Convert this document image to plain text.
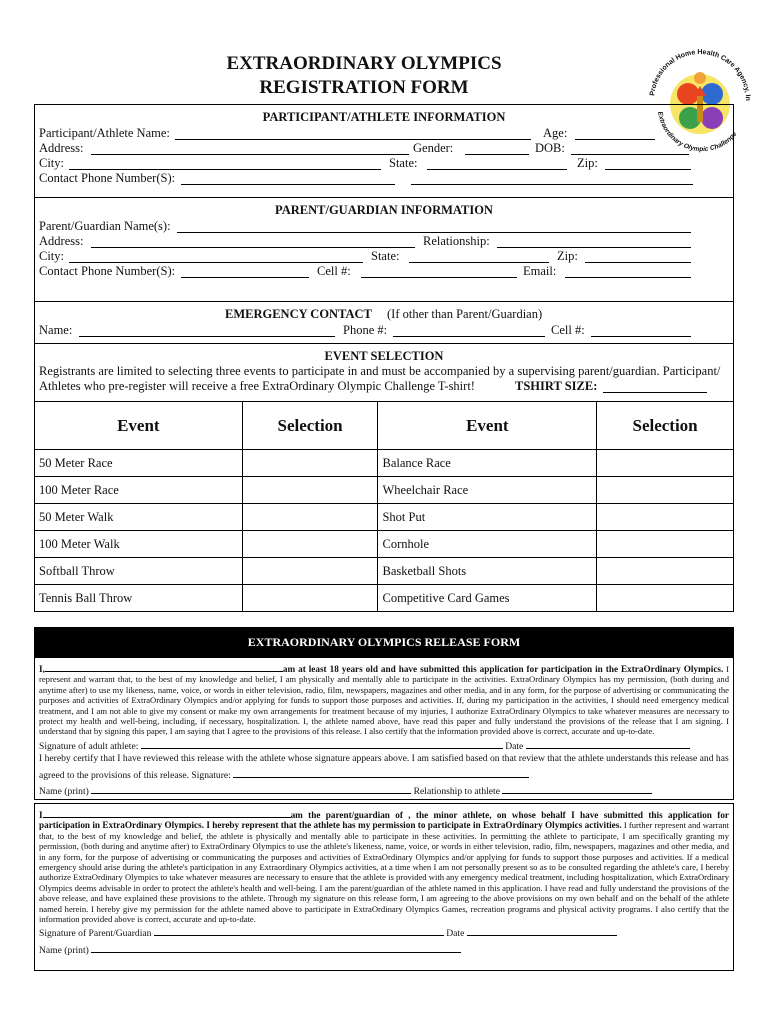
EXTRAORDINARY OLYMPICS
REGISTRATION FORM	Professional Home Health Care Agency, In
Extraordinary Olympic Challenge
PARTICIPANT/ATHLETE INFORMATION
Participant/Athlete Name:	Age:
Address:	Gender:	DOB:
City:	State:	Zip:
Contact Phone Number(S):
PARENT/GUARDIAN INFORMATION
Parent/Guardian Name(s):
Address:	Relationship:
City:	State:	Zip:
Contact Phone Number(S):	Cell #:	Email:
EMERGENCY CONTACT (If other than Parent/Guardian)
Name:	Phone #:	Cell #:
EVENT SELECTION
Registrants are limited to selecting three events to participate in and must be accompanied by a supervising parent/guardian. Participant/
Athletes who pre-register will receive a free ExtraOrdinary Olympic Challenge T-shirt!	TSHIRT SIZE:
Event	Selection	Event	Selection
50 Meter Race		Balance Race	
100 Meter Race		Wheelchair Race	
50 Meter Walk		Shot Put	
100 Meter Walk		Cornhole	
Softball Throw		Basketball Shots	
Tennis Ball Throw		Competitive Card Games	
EXTRAORDINARY OLYMPICS RELEASE FORM
I,	am at least 18 years old and have submitted this application for participation in the ExtraOrdinary Olympics. I represent and warrant that, to the best of my knowledge and belief, I am physically and mentally able to participate in the activities. ExtraOrdinary Olympics has my permission, (both during and anytime after) to use my likeness, name, voice, or words in either television, radio, film, newspapers, magazines and other media, and in any form, for the purpose of advertising or communicating the purposes and activities of ExtraOrdinary Olympics and/or applying for funds to support those purposes and activities. If, during my participation in the activities, I should need emergency medical treatment, and I am not able to give my consent or make my own arrangements for treatment because of my injuries, I authorize ExtraOrdinary Olympics to take whatever measures are necessary to protect my health and well-being, including, if necessary, hospitalization. I, the athlete named above, have read this paper and fully understand the provisions of the release that I am signing. I understand that by signing this paper, I am saying that I agree to the provisions of this release. I also certify that the information provided above is correct, accurate and up-to-date.
Signature of adult athlete:	Date
I hereby certify that I have reviewed this release with the athlete whose signature appears above. I am satisfied based on that review that the athlete understands this release and has agreed to the provisions of this release. Signature:
Name (print)	Relationship to athlete
I	am the parent/guardian of , the minor athlete, on whose behalf I have submitted this application for participation in ExtraOrdinary Olympics. I hereby represent that the athlete has my permission to participate in ExtraOrdinary Olympics activities. I further represent and warrant that, to the best of my knowledge and belief, the athlete is physically and mentally able to participate in these activities. In permitting the athlete to participate, I am specifically granting my permission, (both during and anytime after) to ExtraOrdinary Olympics to use the athlete's likeness, name, voice, or words in either television, radio, film, newspapers, magazines and other media, and in any form, for the purpose of advertising or communicating the purposes and activities of ExtraOrdinary Olympics and/or applying for funds to support those purposes and activities. If a medical emergency should arise during the athlete's participation in any Extraordinary Olympics activities, at a time when I am not personally present so as to be consulted regarding the athlete's care, I hereby authorize ExtraOrdinary Olympics to take whatever measures are necessary to ensure that the athlete is provided with any emergency medical treatment, including hospitalization, which ExtraOrdinary Olympics deems advisable in order to protect the athlete's health and well-being. I am the parent/guardian of the athlete named in this application. I have read and fully understand the provisions of the above release, and have explained these provisions to the athlete. Through my signature on this release form, I am agreeing to the above provisions on my own behalf and on the behalf of the athlete named herein. I hereby give my permission for the athlete named above to participate in ExtraOrdinary Olympics Games, recreation programs and physical activity programs. I also certify that the information provided above is correct, accurate and up-to-date.
Signature of Parent/Guardian	Date
Name (print)
